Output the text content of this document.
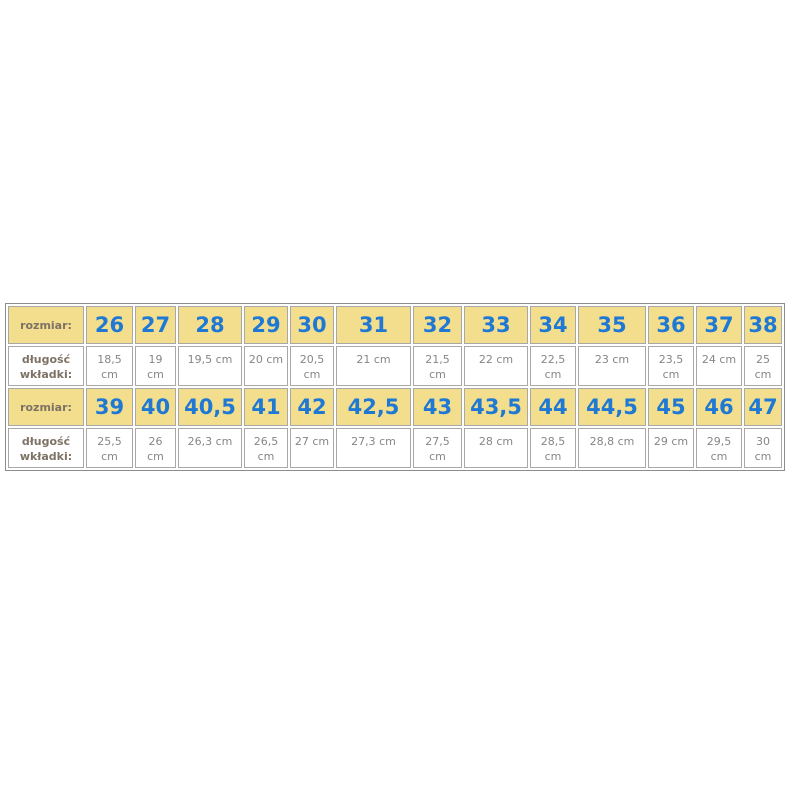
rozmiar:	26	27	28	29	30	31	32	33	34	35	36	37	38
długość wkładki:	18,5 cm	19 cm	19,5 cm	20 cm	20,5 cm	21 cm	21,5 cm	22 cm	22,5 cm	23 cm	23,5 cm	24 cm	25 cm
rozmiar:	39	40	40,5	41	42	42,5	43	43,5	44	44,5	45	46	47
długość wkładki:	25,5 cm	26 cm	26,3 cm	26,5 cm	27 cm	27,3 cm	27,5 cm	28 cm	28,5 cm	28,8 cm	29 cm	29,5 cm	30 cm
